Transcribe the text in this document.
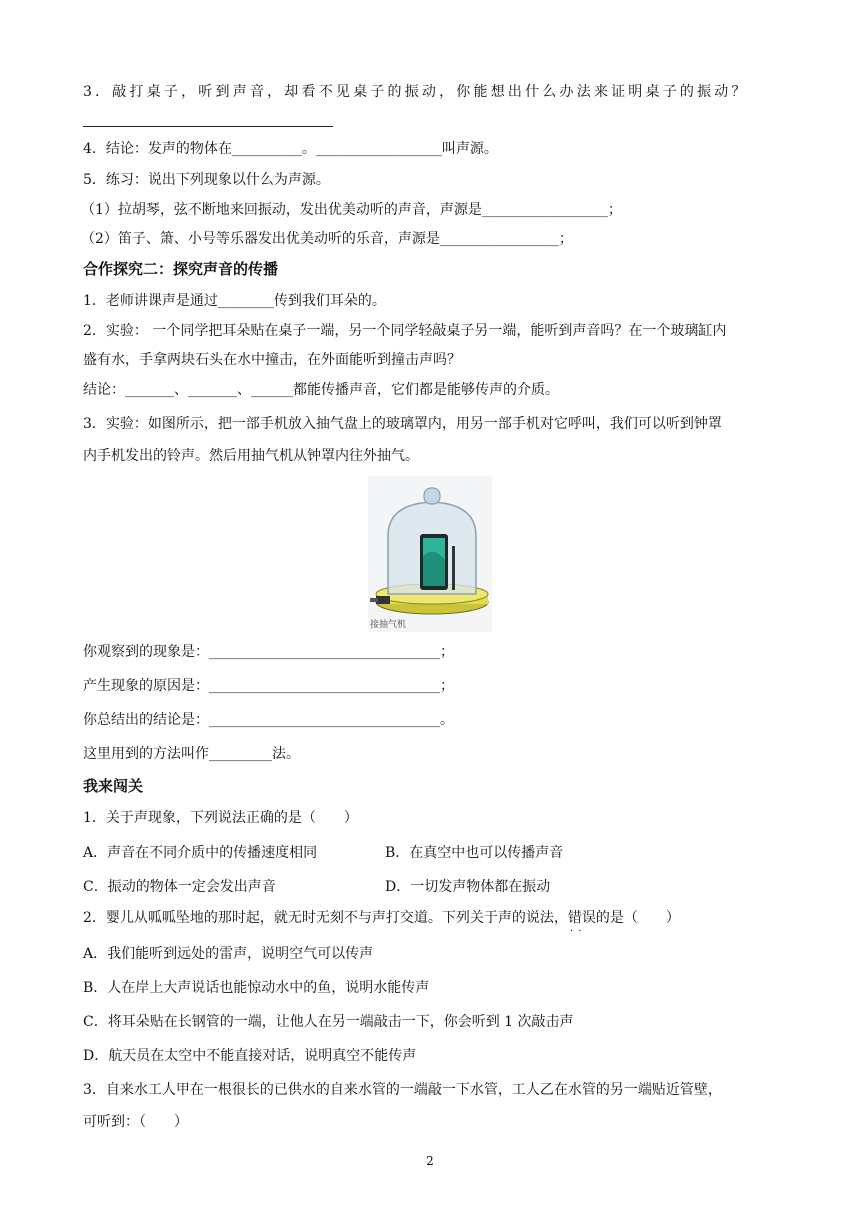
3．敲打桌子，听到声音，却看不见桌子的振动，你能想出什么办法来证明桌子的振动？
4．结论：发声的物体在__________。__________________叫声源。
5．练习：说出下列现象以什么为声源。
（1）拉胡琴，弦不断地来回振动，发出优美动听的声音，声源是__________________；
（2）笛子、箫、小号等乐器发出优美动听的乐音，声源是_________________；
合作探究二：探究声音的传播
1．老师讲课声是通过________传到我们耳朵的。
2．实验： 一个同学把耳朵贴在桌子一端，另一个同学轻敲桌子另一端，能听到声音吗？在一个玻璃缸内
盛有水，手拿两块石头在水中撞击，在外面能听到撞击声吗？
结论：_______、_______、______都能传播声音，它们都是能够传声的介质。
3．实验：如图所示，把一部手机放入抽气盘上的玻璃罩内，用另一部手机对它呼叫，我们可以听到钟罩
内手机发出的铃声。然后用抽气机从钟罩内往外抽气。
接抽气机
你观察到的现象是：_________________________________；
产生现象的原因是：_________________________________；
你总结出的结论是：_________________________________。
这里用到的方法叫作_________法。
我来闯关
1．关于声现象，下列说法正确的是（　　）
A．声音在不同介质中的传播速度相同	B．在真空中也可以传播声音
C．振动的物体一定会发出声音	D．一切发声物体都在振动
2．婴儿从呱呱坠地的那时起，就无时无刻不与声打交道。下列关于声的说法，错误 · ·的是（　　）
A．我们能听到远处的雷声，说明空气可以传声
B．人在岸上大声说话也能惊动水中的鱼，说明水能传声
C．将耳朵贴在长钢管的一端，让他人在另一端敲击一下，你会听到 1 次敲击声
D．航天员在太空中不能直接对话，说明真空不能传声
3．自来水工人甲在一根很长的已供水的自来水管的一端敲一下水管，工人乙在水管的另一端贴近管壁，
可听到：（　　）
2
